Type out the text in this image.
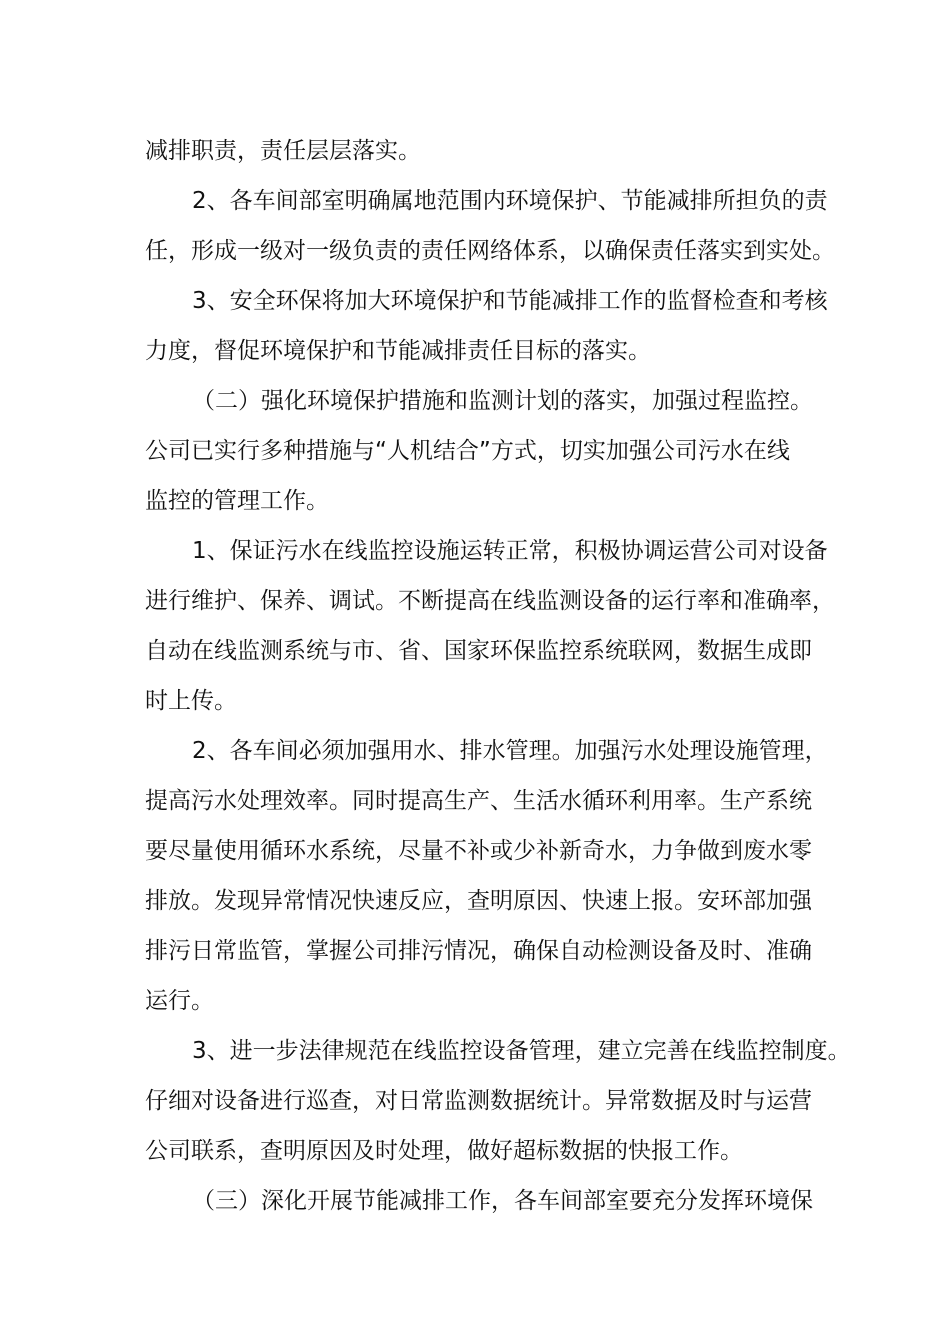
减排职责，责任层层落实。

2、各车间部室明确属地范围内环境保护、节能减排所担负的责

任，形成一级对一级负责的责任网络体系，以确保责任落实到实处。

3、安全环保将加大环境保护和节能减排工作的监督检查和考核

力度，督促环境保护和节能减排责任目标的落实。

（二）强化环境保护措施和监测计划的落实，加强过程监控。

公司已实行多种措施与“人机结合”方式，切实加强公司污水在线

监控的管理工作。

1、保证污水在线监控设施运转正常，积极协调运营公司对设备

进行维护、保养、调试。不断提高在线监测设备的运行率和准确率，

自动在线监测系统与市、省、国家环保监控系统联网，数据生成即

时上传。

2、各车间必须加强用水、排水管理。加强污水处理设施管理，

提高污水处理效率。同时提高生产、生活水循环利用率。生产系统

要尽量使用循环水系统，尽量不补或少补新奇水，力争做到废水零

排放。发现异常情况快速反应，查明原因、快速上报。安环部加强

排污日常监管，掌握公司排污情况，确保自动检测设备及时、准确

运行。

3、进一步法律规范在线监控设备管理，建立完善在线监控制度。

仔细对设备进行巡查，对日常监测数据统计。异常数据及时与运营

公司联系，查明原因及时处理，做好超标数据的快报工作。

（三）深化开展节能减排工作，各车间部室要充分发挥环境保
